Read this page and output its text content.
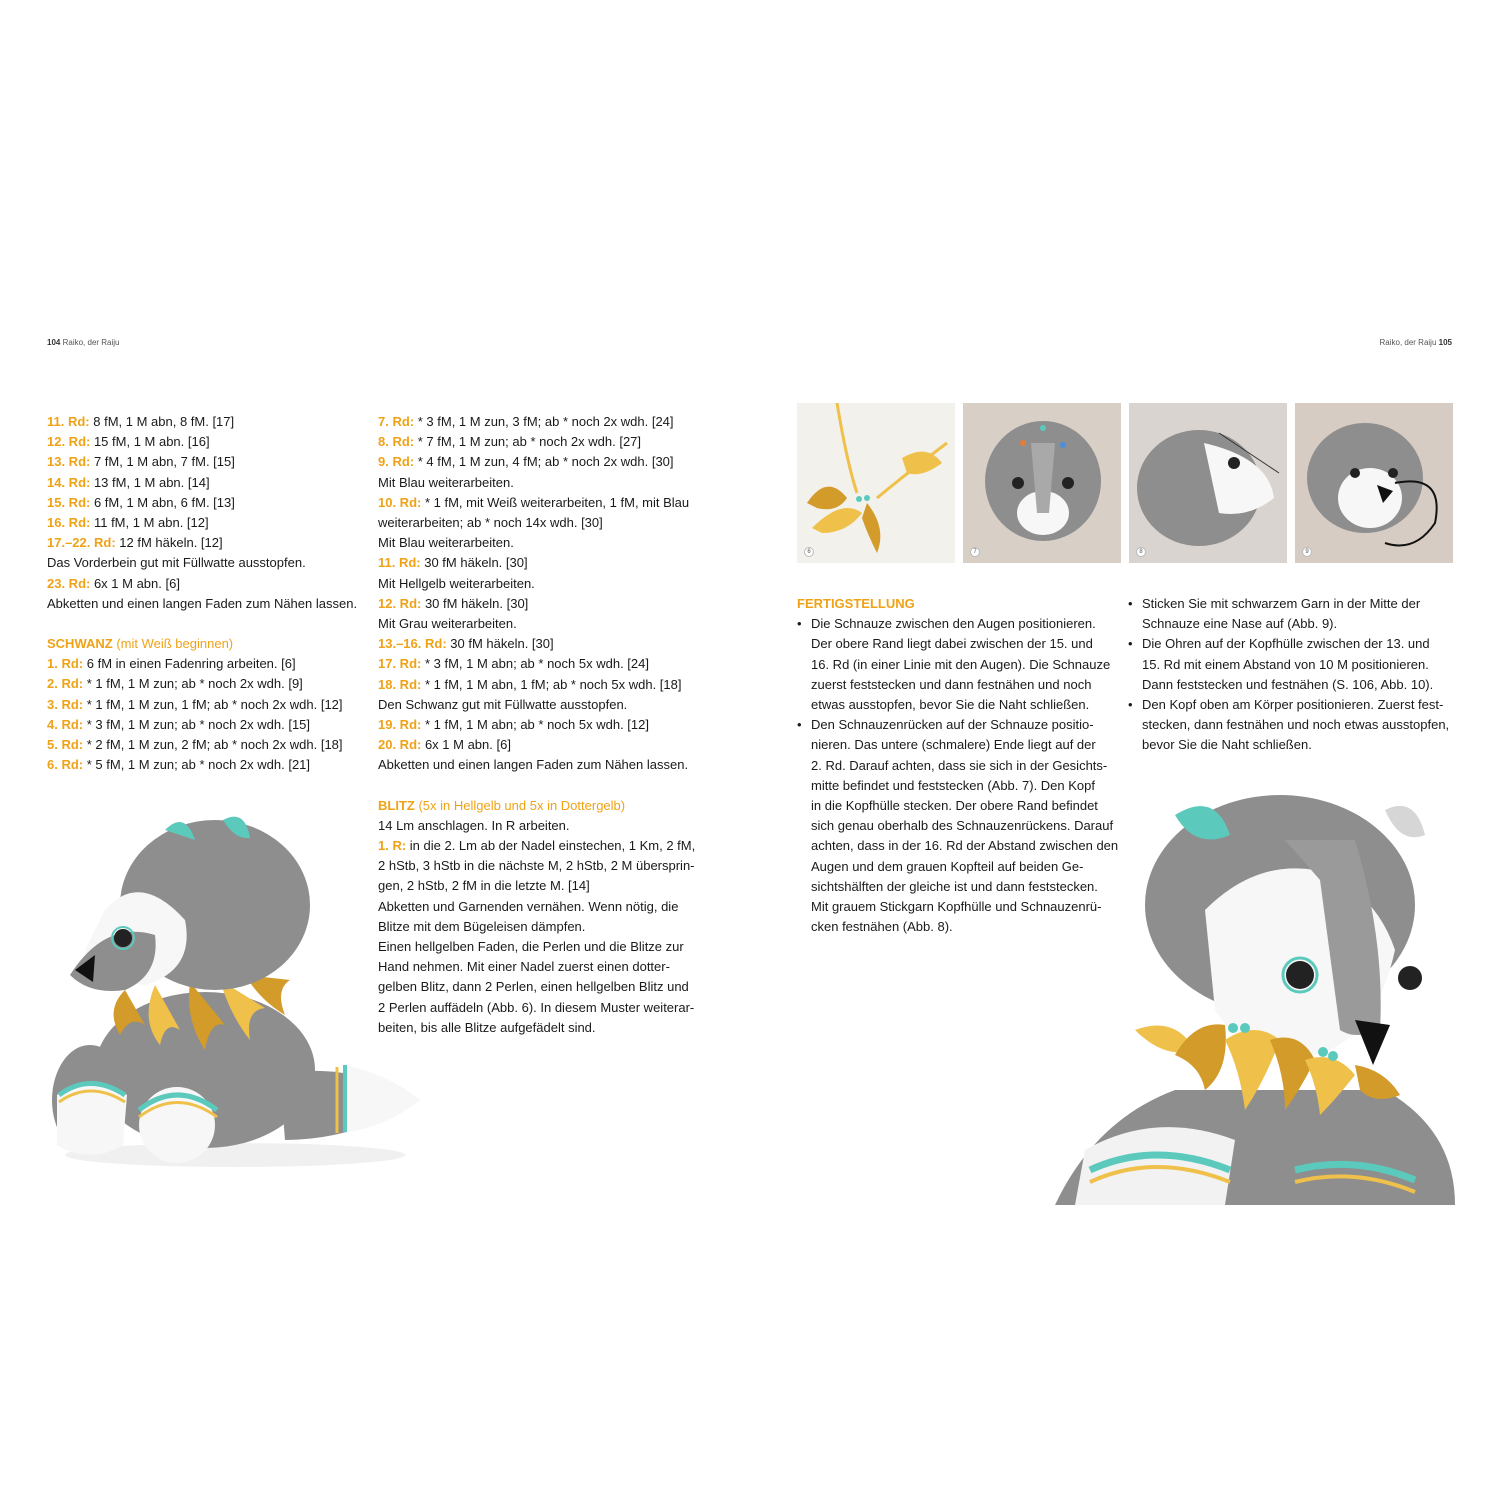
104 Raiko, der Raiju	Raiko, der Raiju 105
11. Rd: 8 fM, 1 M abn, 8 fM. [17]
12. Rd: 15 fM, 1 M abn. [16]
13. Rd: 7 fM, 1 M abn, 7 fM. [15]
14. Rd: 13 fM, 1 M abn. [14]
15. Rd: 6 fM, 1 M abn, 6 fM. [13]
16. Rd: 11 fM, 1 M abn. [12]
17.–22. Rd: 12 fM häkeln. [12]
Das Vorderbein gut mit Füllwatte ausstopfen.
23. Rd: 6x 1 M abn. [6]
Abketten und einen langen Faden zum Nähen lassen.
SCHWANZ (mit Weiß beginnen)
1. Rd: 6 fM in einen Fadenring arbeiten. [6]
2. Rd: * 1 fM, 1 M zun; ab * noch 2x wdh. [9]
3. Rd: * 1 fM, 1 M zun, 1 fM; ab * noch 2x wdh. [12]
4. Rd: * 3 fM, 1 M zun; ab * noch 2x wdh. [15]
5. Rd: * 2 fM, 1 M zun, 2 fM; ab * noch 2x wdh. [18]
6. Rd: * 5 fM, 1 M zun; ab * noch 2x wdh. [21]
7. Rd: * 3 fM, 1 M zun, 3 fM; ab * noch 2x wdh. [24]
8. Rd: * 7 fM, 1 M zun; ab * noch 2x wdh. [27]
9. Rd: * 4 fM, 1 M zun, 4 fM; ab * noch 2x wdh. [30]
Mit Blau weiterarbeiten.
10. Rd: * 1 fM, mit Weiß weiterarbeiten, 1 fM, mit Blau
weiterarbeiten; ab * noch 14x wdh. [30]
Mit Blau weiterarbeiten.
11. Rd: 30 fM häkeln. [30]
Mit Hellgelb weiterarbeiten.
12. Rd: 30 fM häkeln. [30]
Mit Grau weiterarbeiten.
13.–16. Rd: 30 fM häkeln. [30]
17. Rd: * 3 fM, 1 M abn; ab * noch 5x wdh. [24]
18. Rd: * 1 fM, 1 M abn, 1 fM; ab * noch 5x wdh. [18]
Den Schwanz gut mit Füllwatte ausstopfen.
19. Rd: * 1 fM, 1 M abn; ab * noch 5x wdh. [12]
20. Rd: 6x 1 M abn. [6]
Abketten und einen langen Faden zum Nähen lassen.
BLITZ (5x in Hellgelb und 5x in Dottergelb)
14 Lm anschlagen. In R arbeiten.
1. R: in die 2. Lm ab der Nadel einstechen, 1 Km, 2 fM,
2 hStb, 3 hStb in die nächste M, 2 hStb, 2 M übersprin-
gen, 2 hStb, 2 fM in die letzte M. [14]
Abketten und Garnenden vernähen. Wenn nötig, die
Blitze mit dem Bügeleisen dämpfen.
Einen hellgelben Faden, die Perlen und die Blitze zur
Hand nehmen. Mit einer Nadel zuerst einen dotter-
gelben Blitz, dann 2 Perlen, einen hellgelben Blitz und
2 Perlen auffädeln (Abb. 6). In diesem Muster weiterar-
beiten, bis alle Blitze aufgefädelt sind.
6	7	8	9
FERTIGSTELLUNG
• Die Schnauze zwischen den Augen positionieren.
Der obere Rand liegt dabei zwischen der 15. und
16. Rd (in einer Linie mit den Augen). Die Schnauze
zuerst feststecken und dann festnähen und noch
etwas ausstopfen, bevor Sie die Naht schließen.
• Den Schnauzenrücken auf der Schnauze positio-
nieren. Das untere (schmalere) Ende liegt auf der
2. Rd. Darauf achten, dass sie sich in der Gesichts-
mitte befindet und feststecken (Abb. 7). Den Kopf
in die Kopfhülle stecken. Der obere Rand befindet
sich genau oberhalb des Schnauzenrückens. Darauf
achten, dass in der 16. Rd der Abstand zwischen den
Augen und dem grauen Kopfteil auf beiden Ge-
sichtshälften der gleiche ist und dann feststecken.
Mit grauem Stickgarn Kopfhülle und Schnauzenrü-
cken festnähen (Abb. 8).
• Sticken Sie mit schwarzem Garn in der Mitte der
Schnauze eine Nase auf (Abb. 9).
• Die Ohren auf der Kopfhülle zwischen der 13. und
15. Rd mit einem Abstand von 10 M positionieren.
Dann feststecken und festnähen (S. 106, Abb. 10).
• Den Kopf oben am Körper positionieren. Zuerst fest-
stecken, dann festnähen und noch etwas ausstopfen,
bevor Sie die Naht schließen.
